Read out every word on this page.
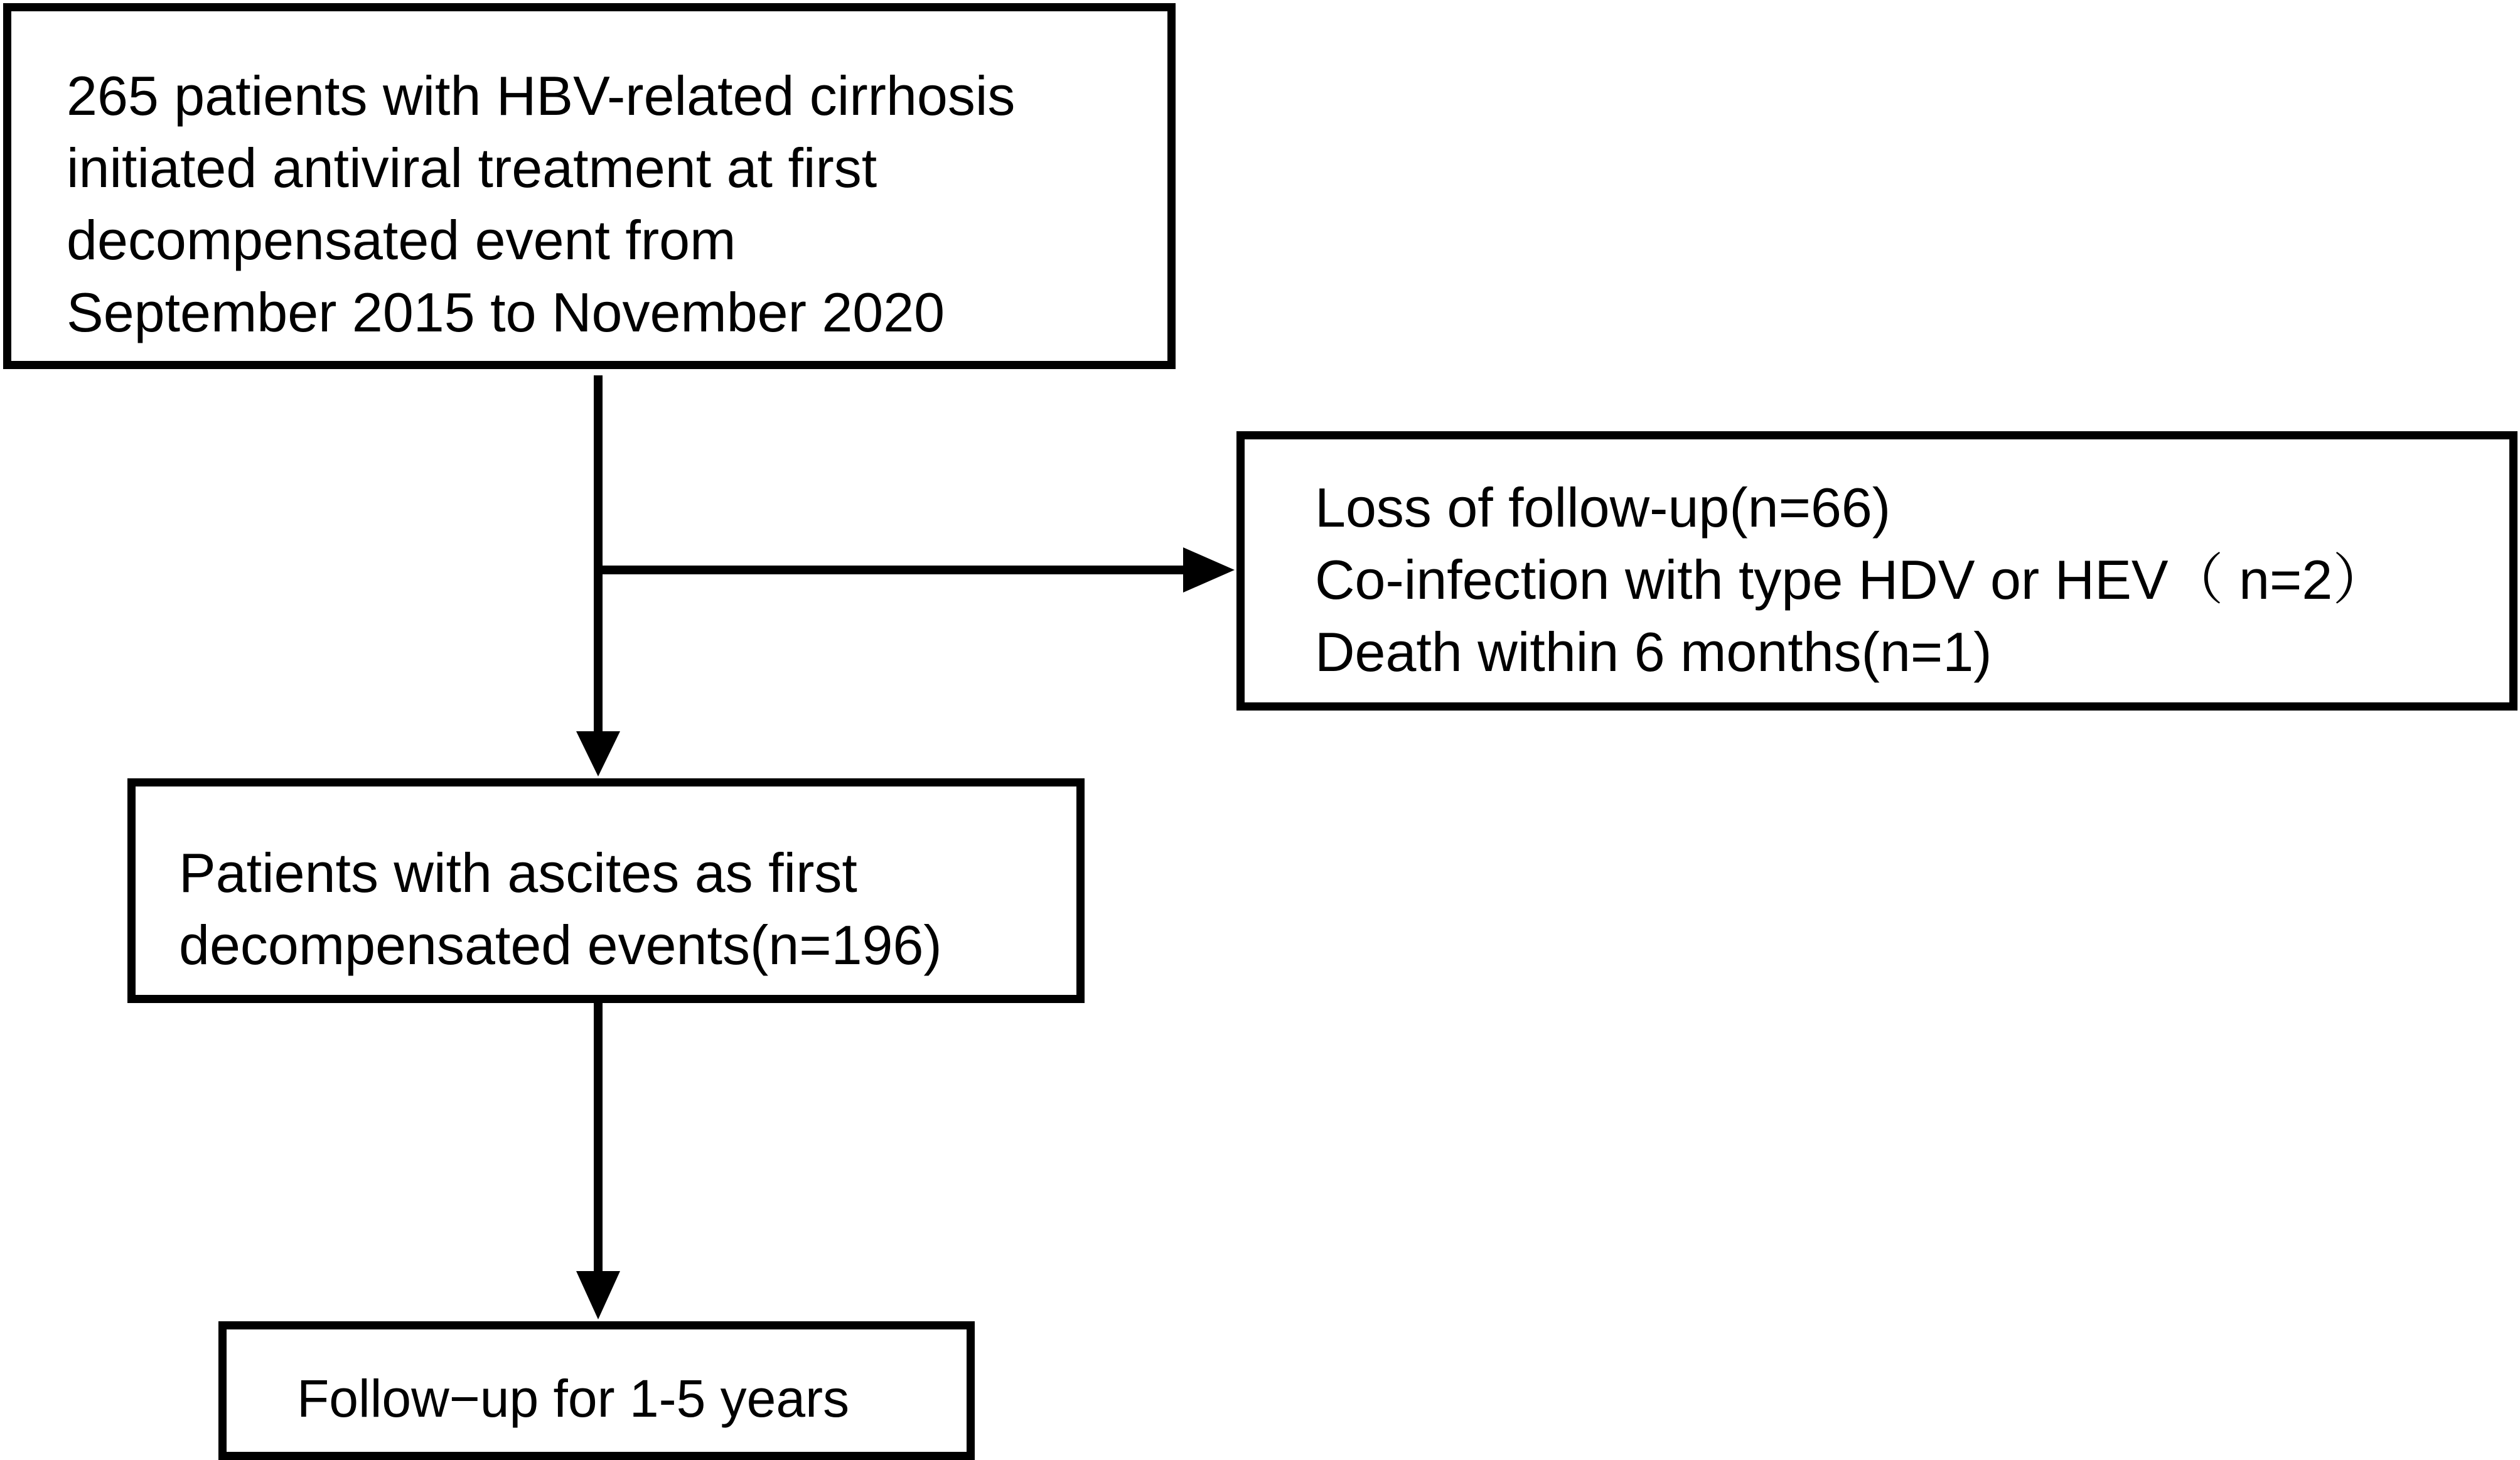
265 patients with HBV-related cirrhosis
initiated antiviral treatment at first
decompensated event from
September 2015 to November 2020

Loss of follow-up(n=66)
Co-infection with type HDV or HEV（ n=2）
Death within 6 months(n=1)

Patients with ascites as first
decompensated events(n=196)

Follow−up for 1-5 years
